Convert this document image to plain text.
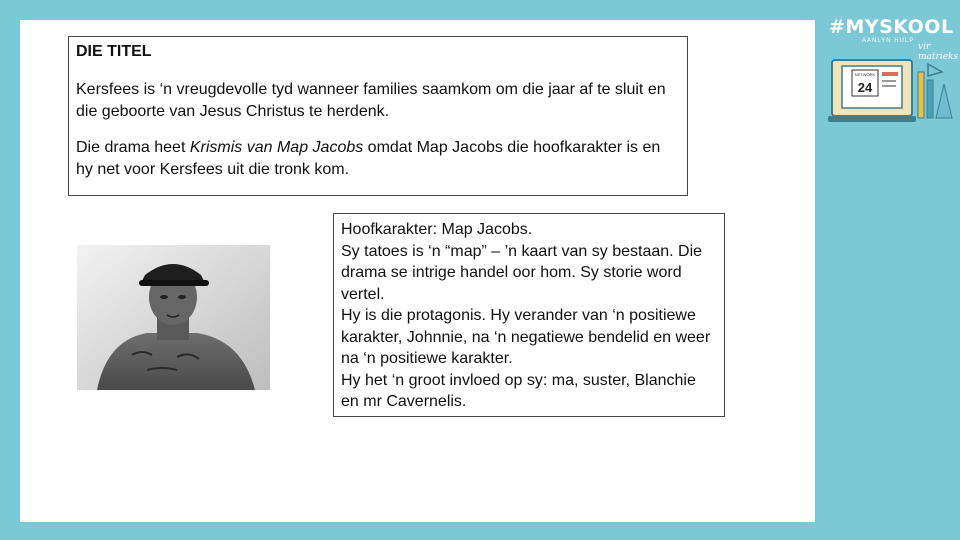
DIE TITEL

Kersfees is ‘n vreugdevolle tyd wanneer families saamkom om die jaar af te sluit en die geboorte van Jesus Christus te herdenk.

Die drama heet Krismis van Map Jacobs omdat Map Jacobs die hoofkarakter is en hy net voor Kersfees uit die tronk kom.

Hoofkarakter: Map Jacobs.
Sy tatoes is ‘n “map” – ’n kaart van sy bestaan. Die drama se intrige handel oor hom. Sy storie word vertel.
Hy is die protagonis. Hy verander van ‘n positiewe karakter, Johnnie, na ‘n negatiewe bendelid en weer na ‘n positiewe karakter.
Hy het ‘n groot invloed op sy: ma, suster, Blanchie en mr Cavernelis.
#MYSKOOL
AANLYN HULP
vir matrieks
NETWORK
24
